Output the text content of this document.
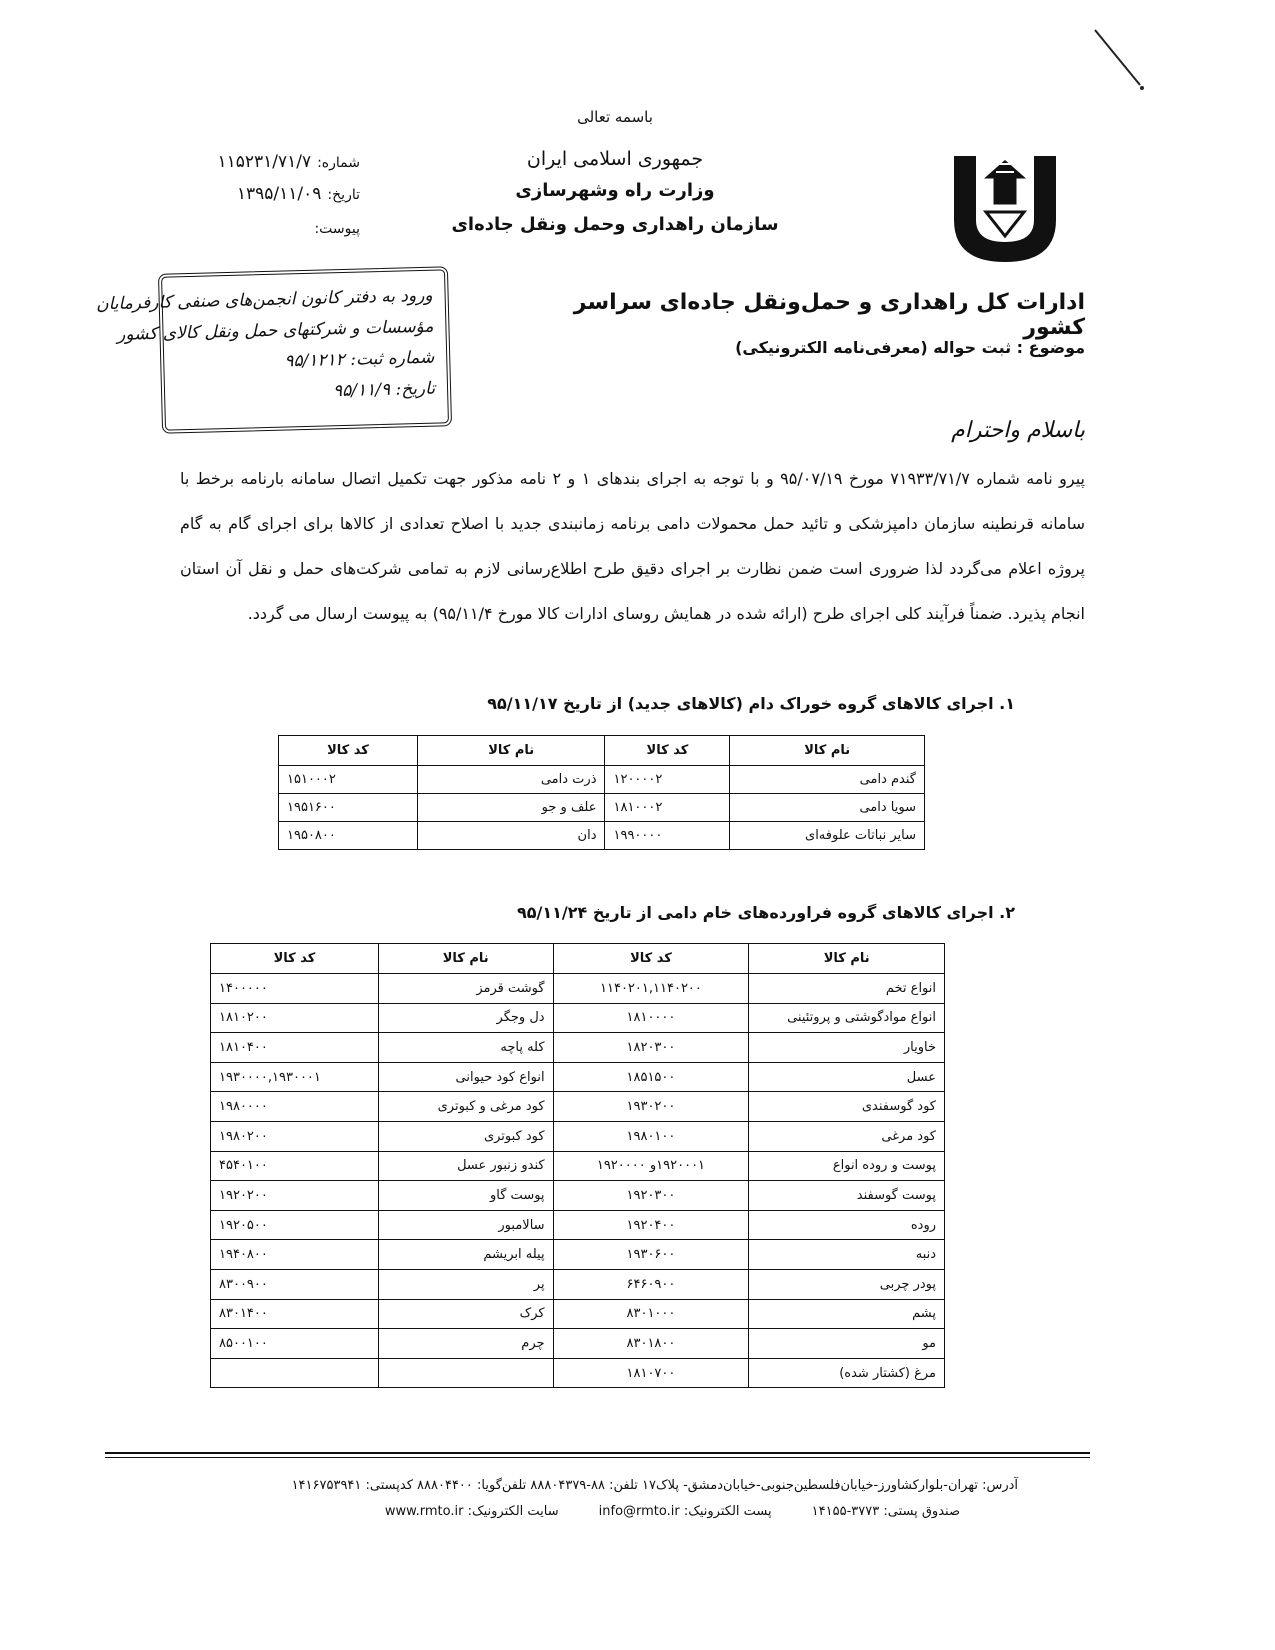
باسمه تعالی
جمهوری اسلامی ایران
وزارت راه وشهرسازی
سازمان راهداری وحمل ونقل جاده‌ای
شماره:۱۱۵۲۳۱/۷۱/۷
تاریخ:۱۳۹۵/۱۱/۰۹
پیوست:
ورود به دفتر کانون انجمن‌های صنفی کارفرمایان
مؤسسات و شرکتهای حمل ونقل کالای کشور
شماره ثبت: ۹۵/۱۲۱۲
تاریخ: ۹۵/۱۱/۹
ادارات کل راهداری و حمل‌ونقل جاده‌ای سراسر کشور
موضوع : ثبت حواله (معرفی‌نامه الکترونیکی)
باسلام واحترام

پیرو نامه شماره ۷۱۹۳۳/۷۱/۷ مورخ ۹۵/۰۷/۱۹ و با توجه به اجرای بندهای ۱ و ۲ نامه مذکور جهت تکمیل اتصال سامانه بارنامه برخط با سامانه قرنطینه سازمان دامپزشکی و تائید حمل محمولات دامی برنامه زمانبندی جدید با اصلاح تعدادی از کالاها برای اجرای گام به گام پروژه اعلام می‌گردد لذا ضروری است ضمن نظارت بر اجرای دقیق طرح اطلاع‌رسانی لازم به تمامی شرکت‌های حمل و نقل آن استان انجام پذیرد. ضمناً فرآیند کلی اجرای طرح (ارائه شده در همایش روسای ادارات کالا مورخ ۹۵/۱۱/۴) به پیوست ارسال می گردد.

۱. اجرای کالاهای گروه خوراک دام (کالاهای جدید) از تاریخ ۹۵/۱۱/۱۷
نام کالا	کد کالا	نام کالا	کد کالا
گندم دامی	۱۲۰۰۰۰۲	ذرت دامی	۱۵۱۰۰۰۲
سویا دامی	۱۸۱۰۰۰۲	علف و جو	۱۹۵۱۶۰۰
سایر نباتات علوفه‌ای	۱۹۹۰۰۰۰	دان	۱۹۵۰۸۰۰
۲. اجرای کالاهای گروه فراورده‌های خام دامی از تاریخ ۹۵/۱۱/۲۴
نام کالا	کد کالا	نام کالا	کد کالا
انواع تخم	۱۱۴۰۲۰۱,۱۱۴۰۲۰۰	گوشت قرمز	۱۴۰۰۰۰۰
انواع موادگوشتی و پروتئینی	۱۸۱۰۰۰۰	دل وجگر	۱۸۱۰۲۰۰
خاویار	۱۸۲۰۳۰۰	کله پاچه	۱۸۱۰۴۰۰
عسل	۱۸۵۱۵۰۰	انواع کود حیوانی	۱۹۳۰۰۰۰,۱۹۳۰۰۰۱
کود گوسفندی	۱۹۳۰۲۰۰	کود مرغی و کبوتری	۱۹۸۰۰۰۰
کود مرغی	۱۹۸۰۱۰۰	کود کبوتری	۱۹۸۰۲۰۰
پوست و روده انواع	۱۹۲۰۰۰۱و ۱۹۲۰۰۰۰	کندو زنبور عسل	۴۵۴۰۱۰۰
پوست گوسفند	۱۹۲۰۳۰۰	پوست گاو	۱۹۲۰۲۰۰
روده	۱۹۲۰۴۰۰	سالامبور	۱۹۲۰۵۰۰
دنبه	۱۹۳۰۶۰۰	پیله ابریشم	۱۹۴۰۸۰۰
پودر چربی	۶۴۶۰۹۰۰	پر	۸۳۰۰۹۰۰
پشم	۸۳۰۱۰۰۰	کرک	۸۳۰۱۴۰۰
مو	۸۳۰۱۸۰۰	چرم	۸۵۰۰۱۰۰
مرغ (کشتار شده)	۱۸۱۰۷۰۰		
آدرس: تهران-بلوارکشاورز-خیابان‌فلسطین‌جنوبی-خیابان‌دمشق- پلاک۱۷ تلفن: ۸۸-۸۸۸۰۴۳۷۹ تلفن‌گویا: ۸۸۸۰۴۴۰۰ کدپستی: ۱۴۱۶۷۵۳۹۴۱
صندوق پستی: ۳۷۷۳-۱۴۱۵۵پست الکترونیک: info@rmto.irسایت الکترونیک: www.rmto.ir
